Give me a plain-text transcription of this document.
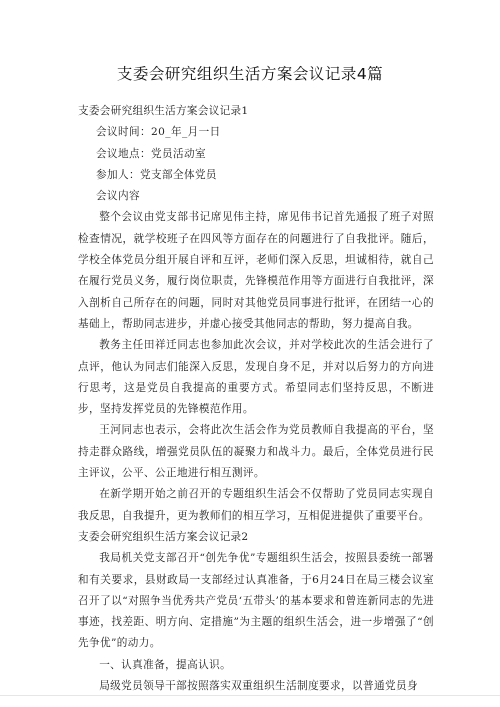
支委会研究组织生活方案会议记录4篇

支委会研究组织生活方案会议记录1

会议时间：20_年_月一日

会议地点：党员活动室

参加人：党支部全体党员

会议内容

整个会议由党支部书记席见伟主持，席见伟书记首先通报了班子对照检查情况，就学校班子在四风等方面存在的问题进行了自我批评。随后，学校全体党员分组开展自评和互评，老师们深入反思，坦诚相待，就自己在履行党员义务，履行岗位职责，先锋模范作用等方面进行自我批评，深入剖析自己所存在的问题，同时对其他党员同事进行批评，在团结一心的基础上，帮助同志进步，并虚心接受其他同志的帮助，努力提高自我。

教务主任田祥迁同志也参加此次会议，并对学校此次的生活会进行了点评，他认为同志们能深入反思，发现自身不足，并对以后努力的方向进行思考，这是党员自我提高的重要方式。希望同志们坚持反思，不断进步，坚持发挥党员的先锋模范作用。

王河同志也表示，会将此次生活会作为党员教师自我提高的平台，坚持走群众路线，增强党员队伍的凝聚力和战斗力。最后，全体党员进行民主评议，公平、公正地进行相互测评。

在新学期开始之前召开的专题组织生活会不仅帮助了党员同志实现自我反思，自我提升，更为教师们的相互学习，互相促进提供了重要平台。

支委会研究组织生活方案会议记录2

我局机关党支部召开“创先争优”专题组织生活会，按照县委统一部署和有关要求，县财政局一支部经过认真准备，于6月24日在局三楼会议室召开了以“对照争当优秀共产党员‘五带头’的基本要求和曾连新同志的先进事迹，找差距、明方向、定措施”为主题的组织生活会，进一步增强了“创先争优”的动力。

一、认真准备，提高认识。

局级党员领导干部按照落实双重组织生活制度要求，以普通党员身
